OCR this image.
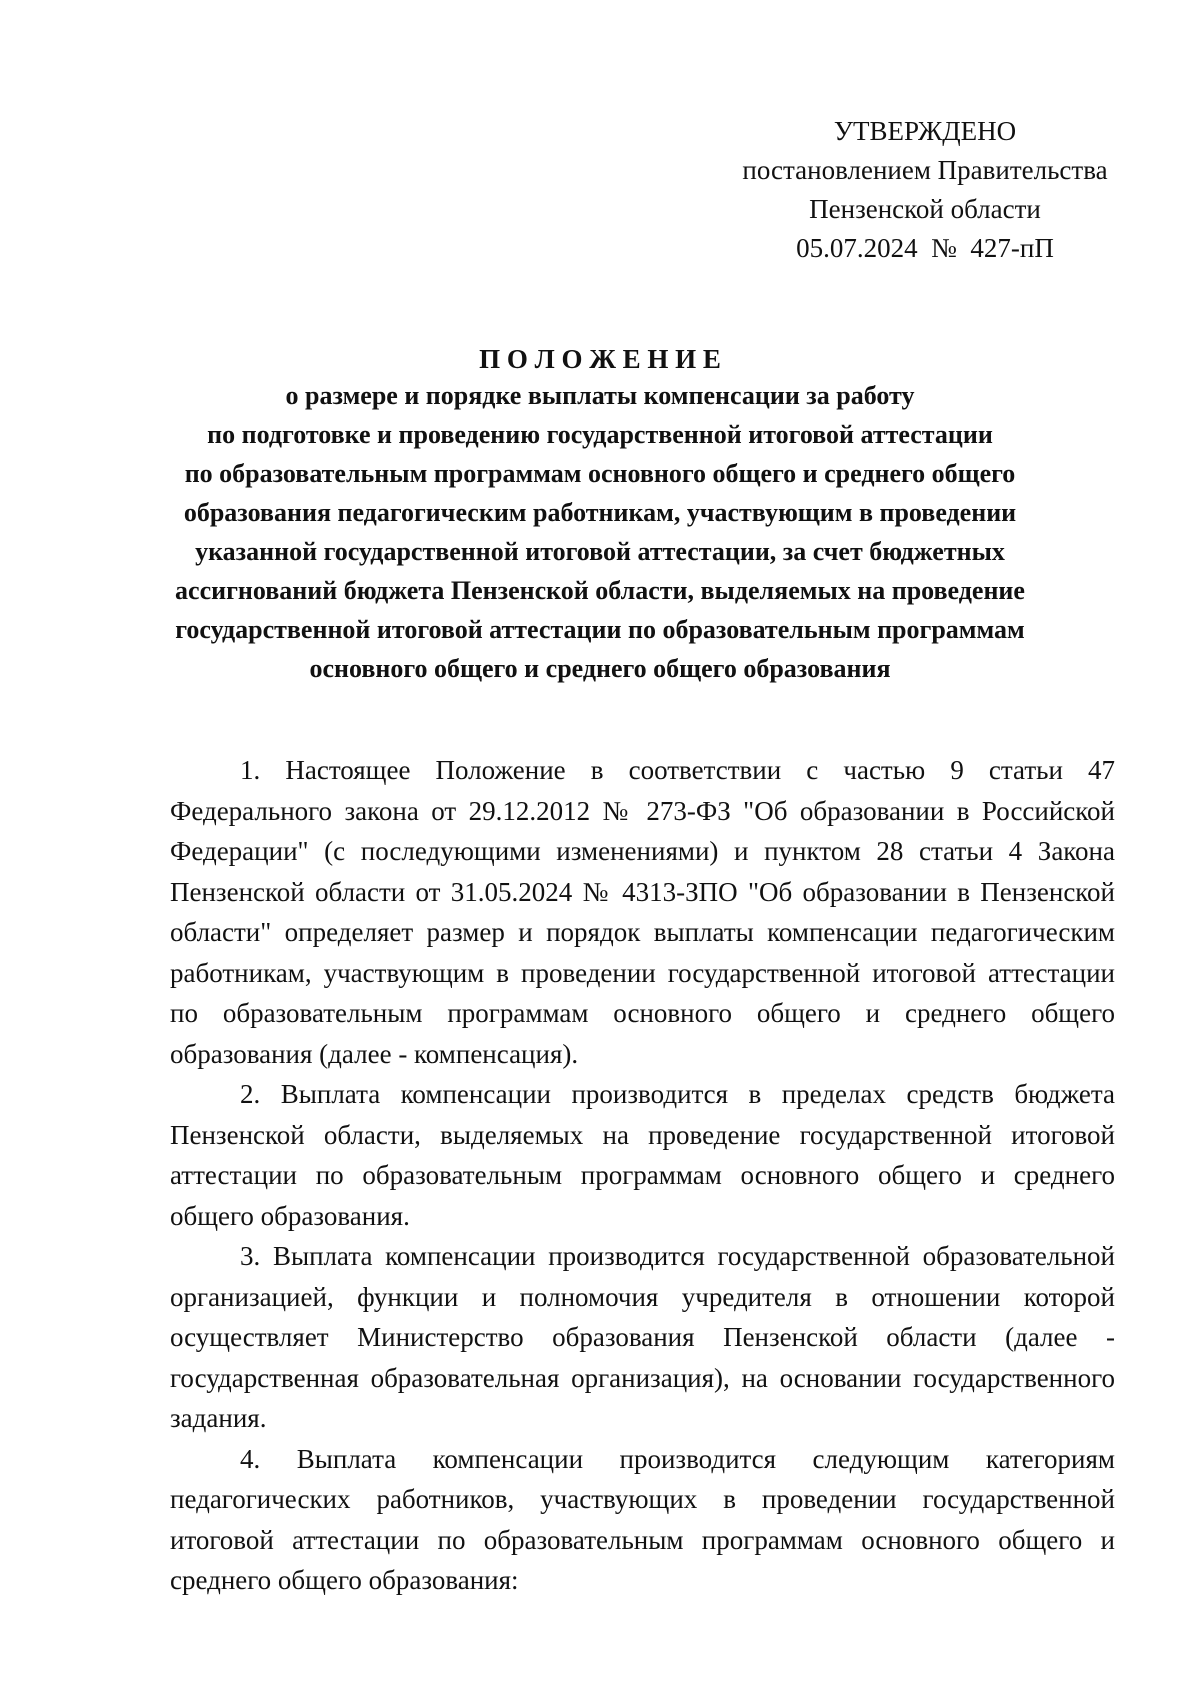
УТВЕРЖДЕНО
постановлением Правительства
Пензенской области
05.07.2024  №  427-пП
П О Л О Ж Е Н И Е
о размере и порядке выплаты компенсации за работу
по подготовке и проведению государственной итоговой аттестации
по образовательным программам основного общего и среднего общего
образования педагогическим работникам, участвующим в проведении
указанной государственной итоговой аттестации, за счет бюджетных
ассигнований бюджета Пензенской области, выделяемых на проведение
государственной итоговой аттестации по образовательным программам
основного общего и среднего общего образования

1. Настоящее Положение в соответствии с частью 9 статьи 47 Федерального закона от 29.12.2012 № 273-ФЗ "Об образовании в Российской Федерации" (с последующими изменениями) и пунктом 28 статьи 4 Закона Пензенской области от 31.05.2024 № 4313-ЗПО "Об образовании в Пензенской области" определяет размер и порядок выплаты компенсации педагогическим работникам, участвующим в проведении государственной итоговой аттестации по образовательным программам основного общего и среднего общего образования (далее - компенсация).

2. Выплата компенсации производится в пределах средств бюджета Пензенской области, выделяемых на проведение государственной итоговой аттестации по образовательным программам основного общего и среднего общего образования.

3. Выплата компенсации производится государственной образовательной организацией, функции и полномочия учредителя в отношении которой осуществляет Министерство образования Пензенской области (далее - государственная образовательная организация), на основании государственного задания.

4. Выплата компенсации производится следующим категориям педагогических работников, участвующих в проведении государственной итоговой аттестации по образовательным программам основного общего и среднего общего образования:
